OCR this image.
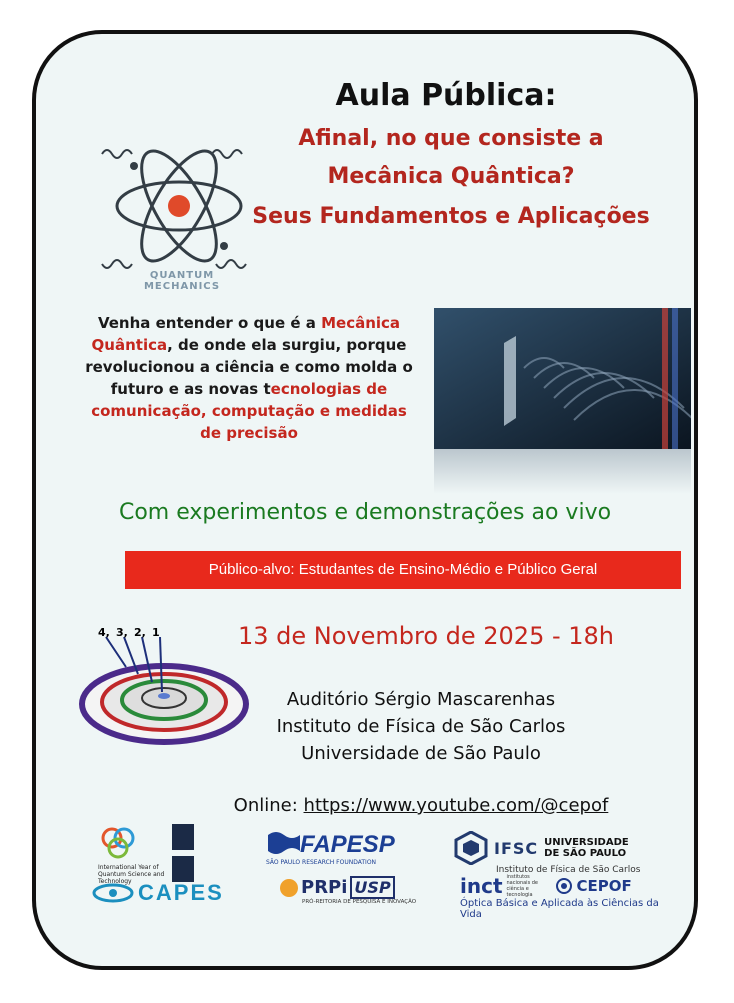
Aula Pública:
Afinal, no que consiste a
Mecânica Quântica?
Seus Fundamentos e Aplicações
QUANTUM MECHANICS
Venha entender o que é a Mecânica Quântica, de onde ela surgiu, porque revolucionou a ciência e como molda o futuro e as novas tecnologias de comunicação, computação e medidas de precisão
Com experimentos e demonstrações ao vivo
Público-alvo: Estudantes de Ensino-Médio e Público Geral
4, 3, 2, 1	13 de Novembro de 2025 - 18h
Auditório Sérgio Mascarenhas
Instituto de Física de São Carlos
Universidade de São Paulo
Online: https://www.youtube.com/@cepof
International Year of Quantum Science and Technology
FAPESP
SÃO PAULO RESEARCH FOUNDATION
IFSC UNIVERSIDADE
DE SÃO PAULO
Instituto de Física de São Carlos
CAPES	PRPi USP
PRÓ-REITORIA DE PESQUISA E INOVAÇÃO
inct institutos nacionais de ciência e tecnologia	CEPOF
Óptica Básica e Aplicada às Ciências da Vida
